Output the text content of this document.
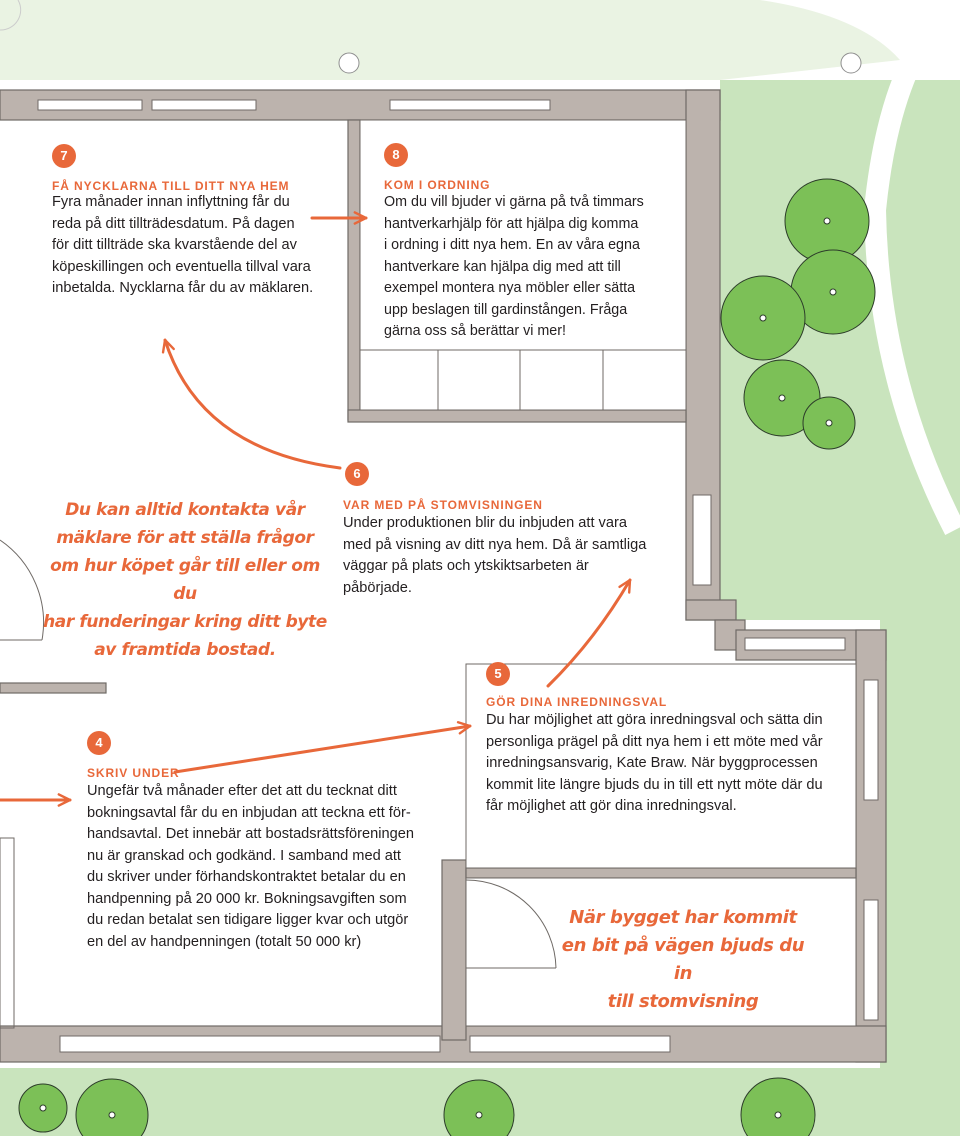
7
FÅ NYCKLARNA TILL DITT NYA HEM
Fyra månader innan inflyttning får du
reda på ditt tillträdesdatum. På dagen
för ditt tillträde ska kvarstående del av
köpeskillingen och eventuella tillval vara
inbetalda. Nycklarna får du av mäklaren.
8
KOM I ORDNING
Om du vill bjuder vi gärna på två timmars
hantverkarhjälp för att hjälpa dig komma
i ordning i ditt nya hem. En av våra egna
hantverkare kan hjälpa dig med att till
exempel montera nya möbler eller sätta
upp beslagen till gardinstången. Fråga
gärna oss så berättar vi mer!
6
VAR MED PÅ STOMVISNINGEN
Under produktionen blir du inbjuden att vara
med på visning av ditt nya hem. Då är samtliga
väggar på plats och ytskiktsarbeten är
påbörjade.
5
GÖR DINA INREDNINGSVAL
Du har möjlighet att göra inredningsval och sätta din
personliga prägel på ditt nya hem i ett möte med vår
inredningsansvarig, Kate Braw. När byggprocessen
kommit lite längre bjuds du in till ett nytt möte där du
får möjlighet att gör dina inredningsval.
4
SKRIV UNDER
Ungefär två månader efter det att du tecknat ditt
bokningsavtal får du en inbjudan att teckna ett för-
handsavtal. Det innebär att bostadsrättsföreningen
nu är granskad och godkänd. I samband med att
du skriver under förhandskontraktet betalar du en
handpenning på 20 000 kr. Bokningsavgiften som
du redan betalat sen tidigare ligger kvar och utgör
en del av handpenningen (totalt 50 000 kr)
Du kan alltid kontakta vår
mäklare för att ställa frågor
om hur köpet går till eller om du
har funderingar kring ditt byte
av framtida bostad.
När bygget har kommit
en bit på vägen bjuds du in
till stomvisning
